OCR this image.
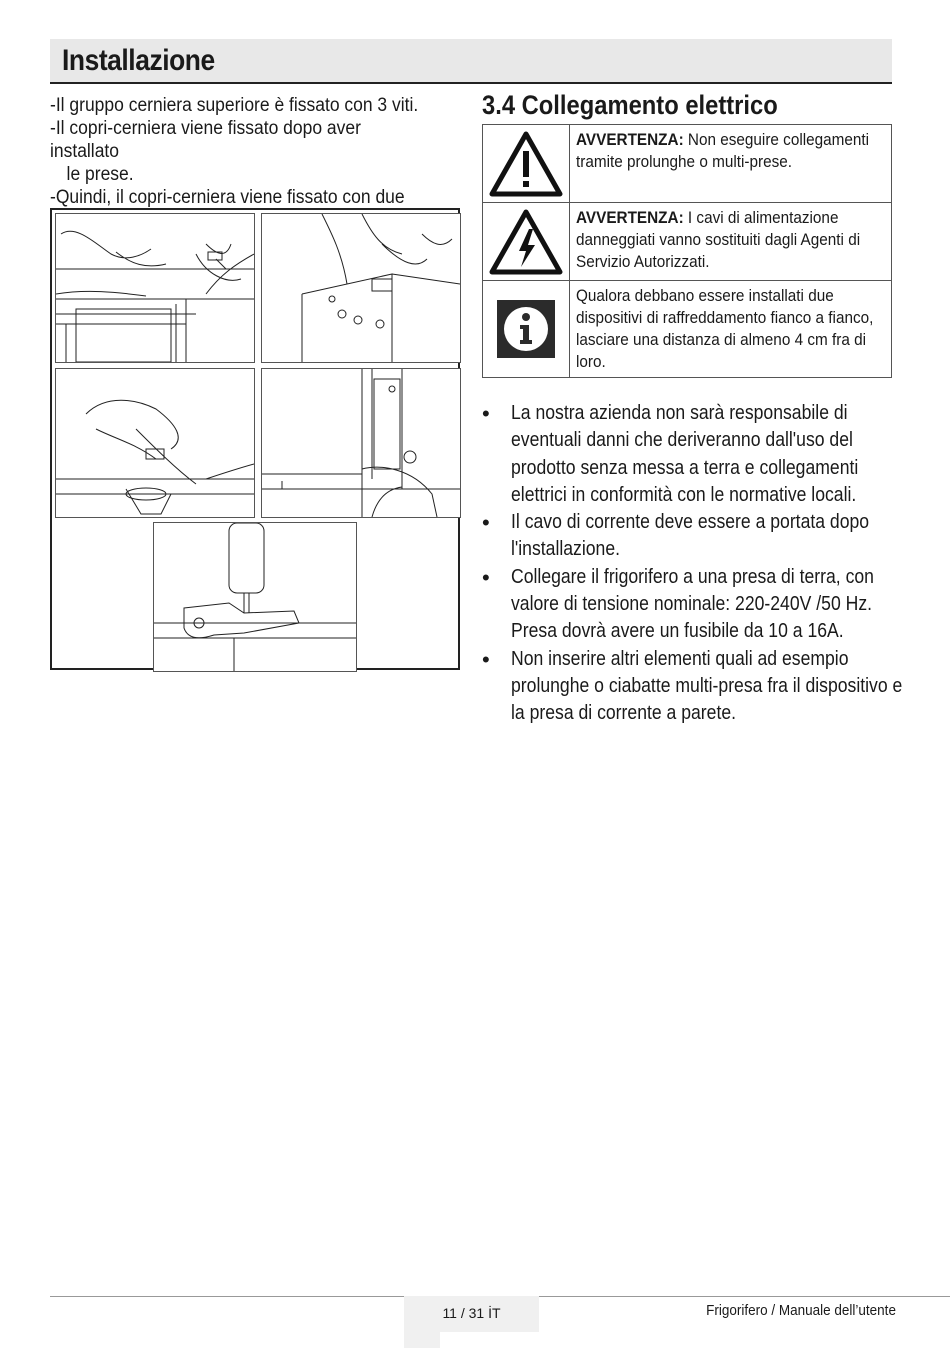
Installazione

-Il gruppo cerniera superiore è fissato con 3 viti.

-Il copri-cerniera viene fissato dopo aver installato

le prese.

-Quindi, il copri-cerniera viene fissato con due

3.4 Collegamento elettrico
AVVERTENZA: Non eseguire collegamenti tramite prolunghe o multi-prese.
AVVERTENZA: I cavi di alimentazione danneggiati vanno sostituiti dagli Agenti di Servizio Autorizzati.
Qualora debbano essere installati due dispositivi di raffreddamento fianco a fianco, lasciare una distanza di almeno 4 cm fra di loro.
• La nostra azienda non sarà responsabile di eventuali danni che deriveranno dall'uso del prodotto senza messa a terra e collegamenti elettrici in conformità con le normative locali.
• Il cavo di corrente deve essere a portata dopo l'installazione.
• Collegare il frigorifero a una presa di terra, con valore di tensione nominale: 220-240V /50 Hz. Presa dovrà avere un fusibile da 10 a 16A.
• Non inserire altri elementi quali ad esempio prolunghe o ciabatte multi-presa fra il dispositivo e la presa di corrente a parete.
11 / 31 İT	Frigorifero / Manuale dell’utente
